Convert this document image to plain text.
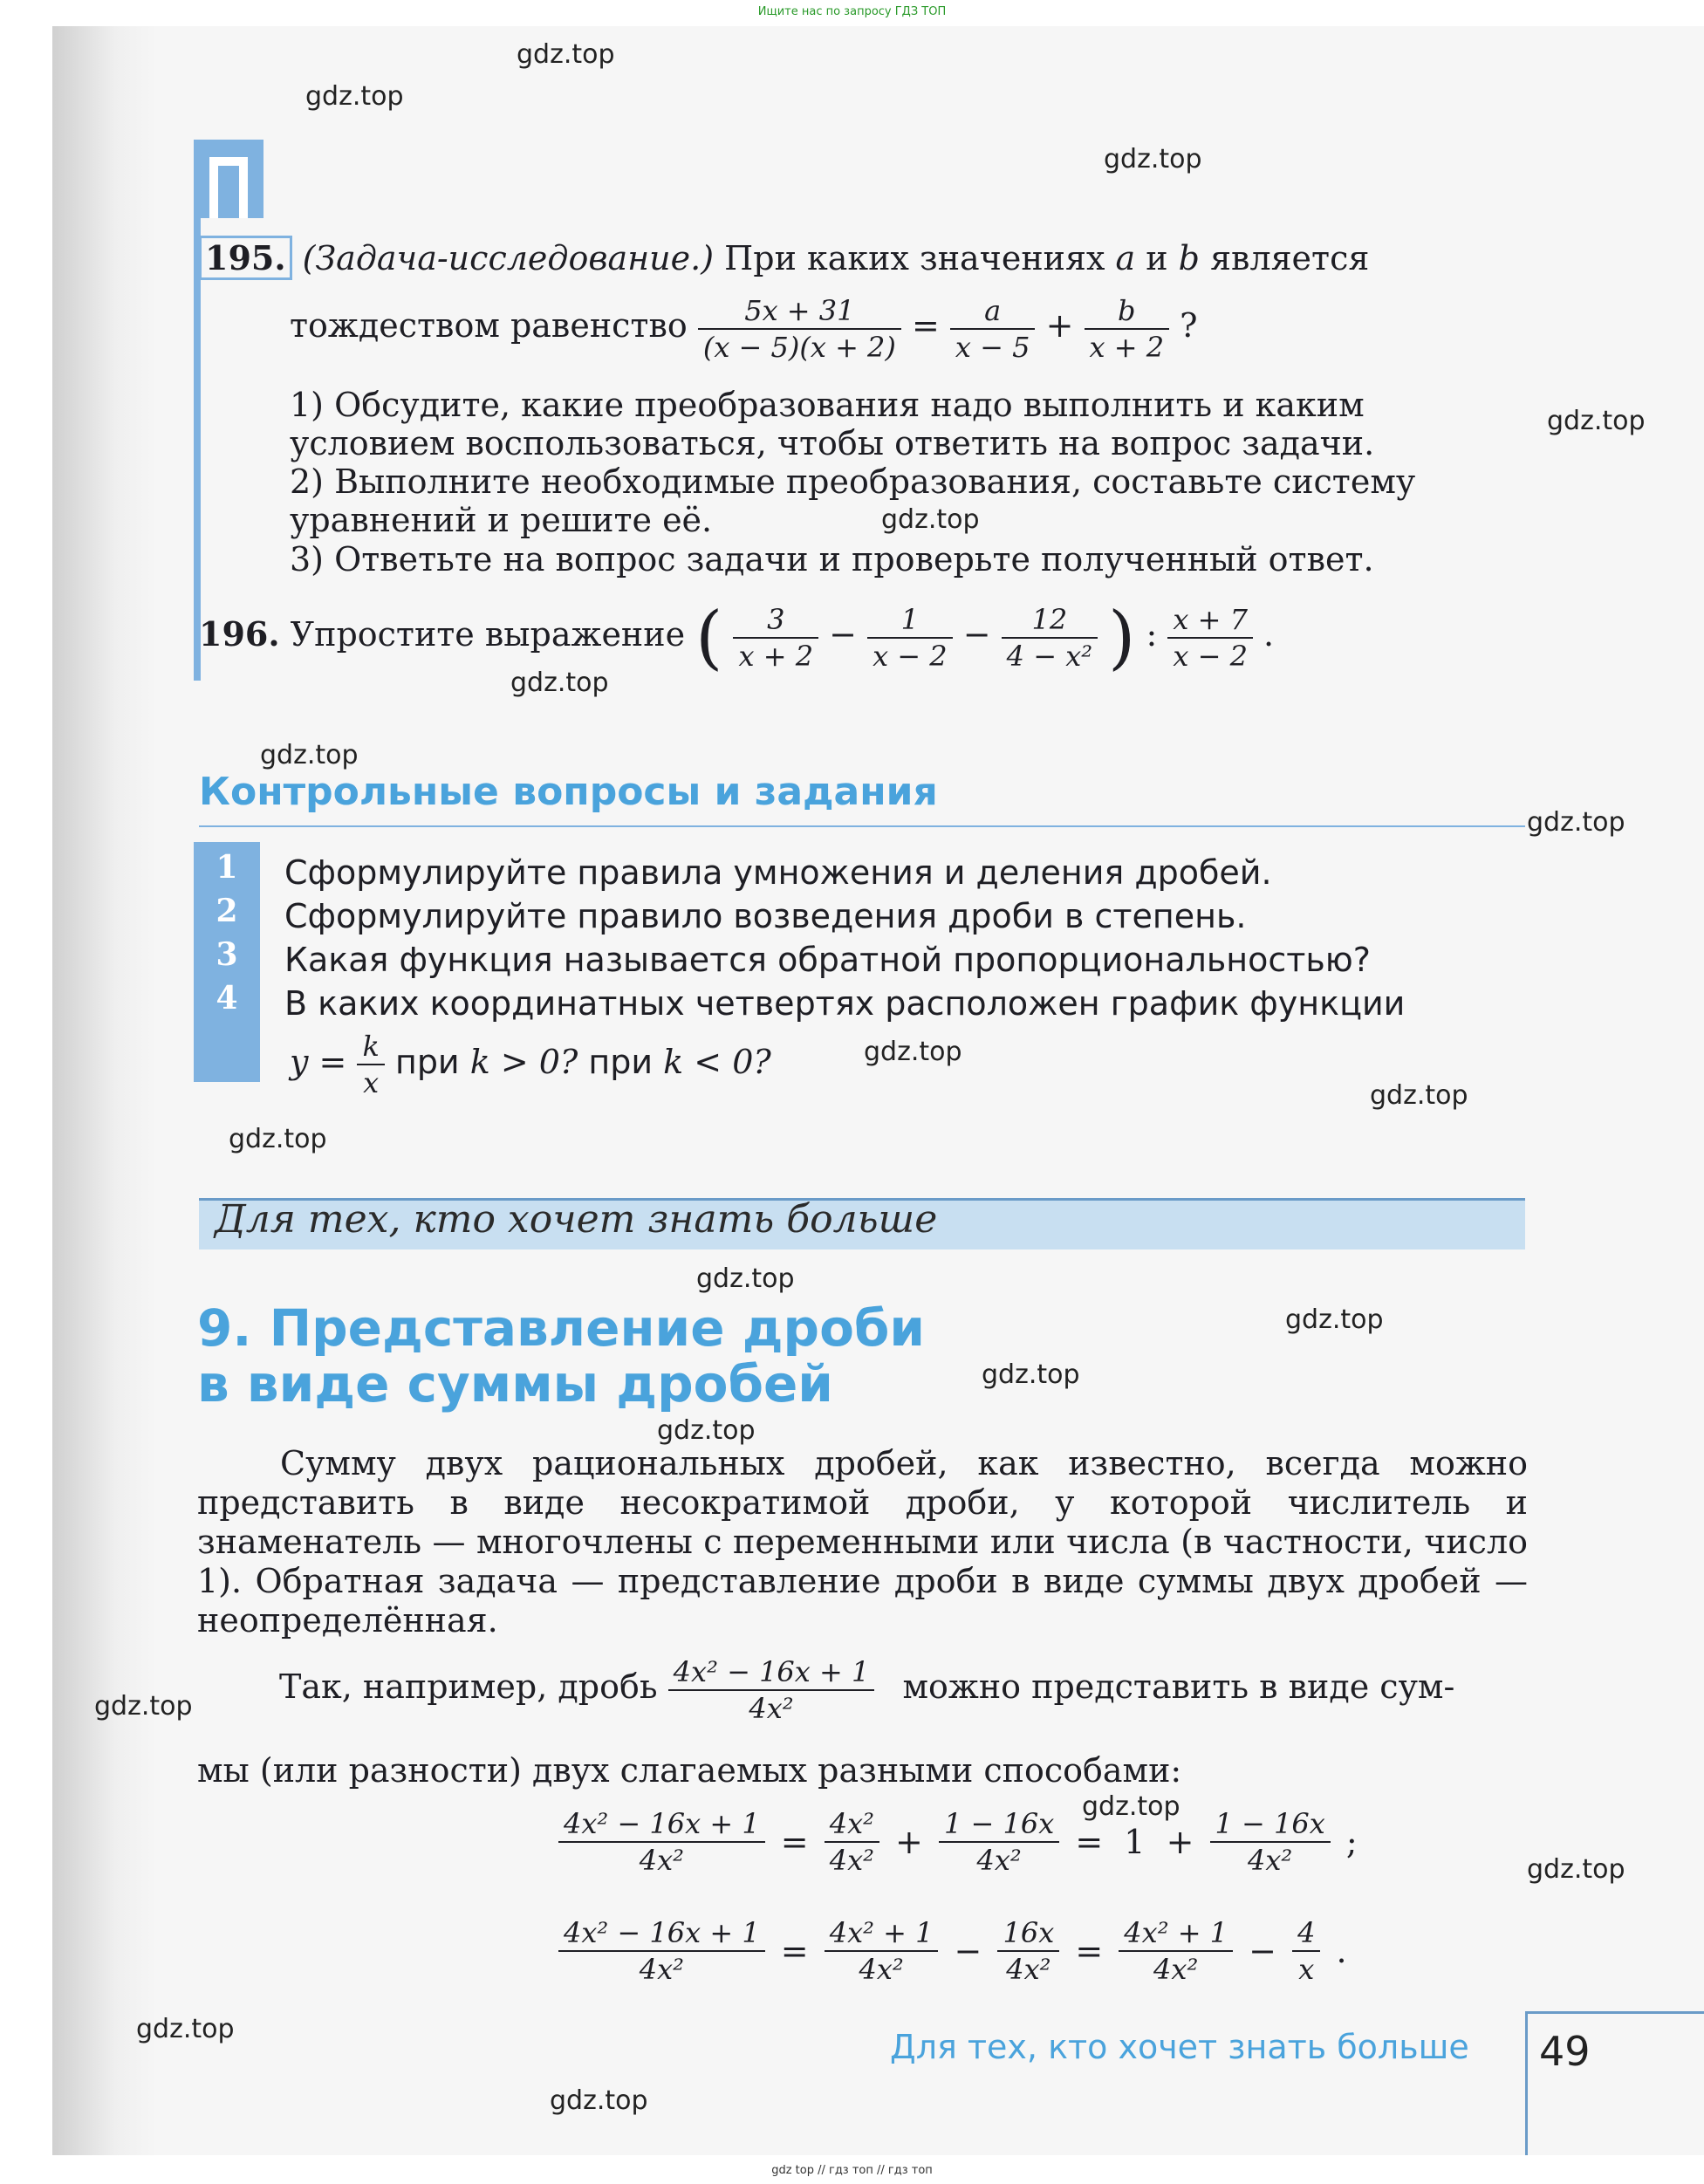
Ищите нас по запросу ГДЗ ТОП
gdz.top
gdz.top
gdz.top
gdz.top
gdz.top
gdz.top
gdz.top
gdz.top
gdz.top
gdz.top
gdz.top
gdz.top
gdz.top
gdz.top
gdz.top
gdz.top
gdz.top
gdz.top
gdz.top
gdz.top
195. (Задача-исследование.) При каких значениях a и b является
тождеством равенство $\frac{5x + 31}{(x - 5)(x + 2)} = \frac{a}{x - 5} + \frac{b}{x + 2}$ ?
1) Обсудите, какие преобразования надо выполнить и каким
условием воспользоваться, чтобы ответить на вопрос задачи.
2) Выполните необходимые преобразования, составьте систему
уравнений и решите её.
3) Ответьте на вопрос задачи и проверьте полученный ответ.
196. Упростите выражение ( $\frac{3}{x + 2} - \frac{1}{x - 2} - \frac{12}{\text{4 − x²}}$ ) : $\frac{x + 7}{x - 2}$ .
Контрольные вопросы и задания
1
2
3
4
Сформулируйте правила умножения и деления дробей.
Сформулируйте правило возведения дроби в степень.
Какая функция называется обратной пропорциональностью?
В каких координатных четвертях расположен график функции
$y = \frac{k}{x}$ при k > 0? при k < 0?
Для тех, кто хочет знать больше
9. Представление дроби
в виде суммы дробей

Сумму двух рациональных дробей, как известно, всегда можно представить в виде несократимой дроби, у которой числитель и знаменатель — многочлены с переменными или числа (в частности, число 1). Обратная задача — представление дроби в виде суммы двух дробей — неопределённая.

Так, например, дробь $\frac{\text{4x² − 16x + 1}}{\text{4x²}}$ можно представить в виде сум-
мы (или разности) двух слагаемых разными способами:
$\frac{\text{4x² − 16x + 1}}{\text{4x²}} = \frac{\text{4x²}}{\text{4x²}} + \frac{1 - 16x}{\text{4x²}} = 1 + \frac{1 - 16x}{\text{4x²}}$ ;
$\frac{\text{4x² − 16x + 1}}{\text{4x²}} = \frac{\text{4x² + 1}}{\text{4x²}} - \frac{16x}{\text{4x²}} = \frac{\text{4x² + 1}}{\text{4x²}} - \frac{4}{x}$ .
Для тех, кто хочет знать больше 49
gdz top // гдз топ // гдз топ
